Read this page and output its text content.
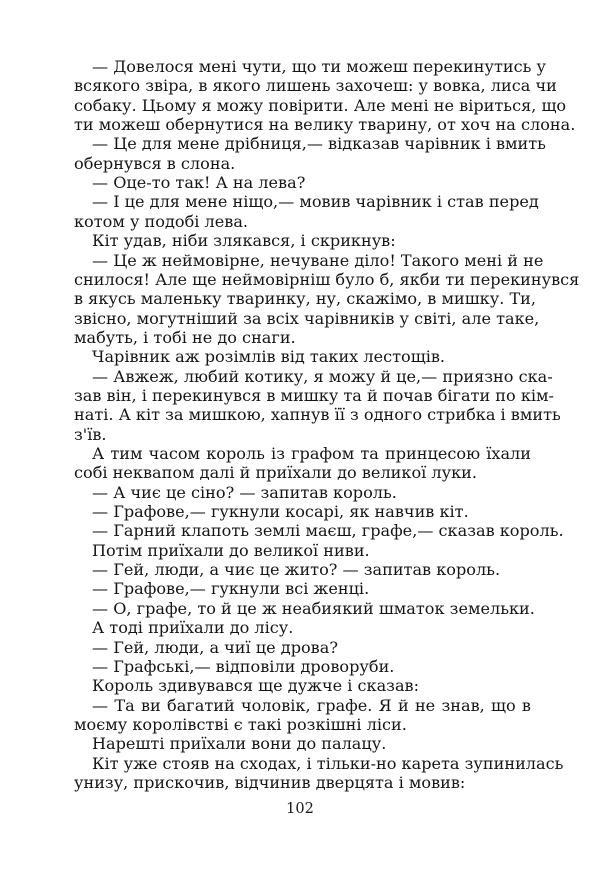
— Довелося мені чути, що ти можеш перекинутись у
всякого звіра, в якого лишень захочеш: у вовка, лиса чи
собаку. Цьому я можу повірити. Але мені не віриться, що
ти можеш обернутися на велику тварину, от хоч на слона.
— Це для мене дрібниця,— відказав чарівник і вмить
обернувся в слона.
— Оце-то так! А на лева?
— І це для мене ніщо,— мовив чарівник і став перед
котом у подобі лева.
Кіт удав, ніби злякався, і скрикнув:
— Це ж неймовірне, нечуване діло! Такого мені й не
снилося! Але ще неймовірніш було б, якби ти перекинувся
в якусь маленьку тваринку, ну, скажімо, в мишку. Ти,
звісно, могутніший за всіх чарівників у світі, але таке,
мабуть, і тобі не до снаги.
Чарівник аж розімлів від таких лестощів.
— Авжеж, любий котику, я можу й це,— приязно ска-
зав він, і перекинувся в мишку та й почав бігати по кім-
наті. А кіт за мишкою, хапнув її з одного стрибка і вмить
з'їв.
А тим часом король із графом та принцесою їхали
собі неквапом далі й приїхали до великої луки.
— А чиє це сіно? — запитав король.
— Графове,— гукнули косарі, як навчив кіт.
— Гарний клапоть землі маєш, графе,— сказав король.
Потім приїхали до великої ниви.
— Гей, люди, а чиє це жито? — запитав король.
— Графове,— гукнули всі женці.
— О, графе, то й це ж неабиякий шматок земельки.
А тоді приїхали до лісу.
— Гей, люди, а чиї це дрова?
— Графські,— відповіли дроворуби.
Король здивувався ще дужче і сказав:
— Та ви багатий чоловік, графе. Я й не знав, що в
моєму королівстві є такі розкішні ліси.
Нарешті приїхали вони до палацу.
Кіт уже стояв на сходах, і тільки-но карета зупинилась
унизу, прискочив, відчинив дверцята і мовив:
102
